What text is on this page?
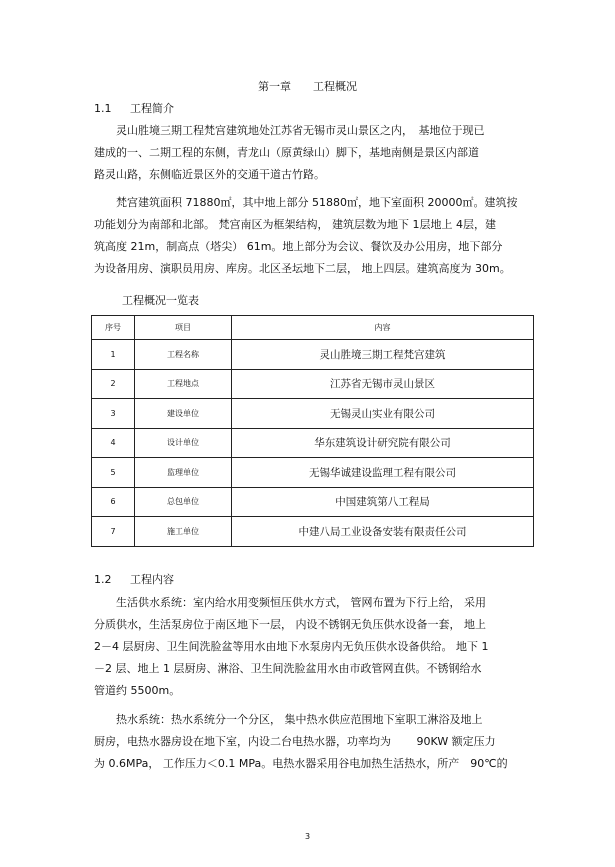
第一章　　工程概况
1.1 工程简介
　　灵山胜境三期工程梵宫建筑地处江苏省无锡市灵山景区之内，　基地位于现已
建成的一、二期工程的东侧，青龙山（原黄绿山）脚下，基地南侧是景区内部道
路灵山路，东侧临近景区外的交通干道古竹路。
　　梵宫建筑面积 71880㎡，其中地上部分 51880㎡，地下室面积 20000㎡。建筑按
功能划分为南部和北部。 梵宫南区为框架结构， 建筑层数为地下 1层地上 4层，建
筑高度 21m，制高点（塔尖） 61m。地上部分为会议、餐饮及办公用房，地下部分
为设备用房、演职员用房、库房。北区圣坛地下二层， 地上四层。建筑高度为 30m。
工程概况一览表
序号	项目	内容
1	工程名称	灵山胜境三期工程梵宫建筑
2	工程地点	江苏省无锡市灵山景区
3	建设单位	无锡灵山实业有限公司
4	设计单位	华东建筑设计研究院有限公司
5	监理单位	无锡华诚建设监理工程有限公司
6	总包单位	中国建筑第八工程局
7	施工单位	中建八局工业设备安装有限责任公司
1.2 工程内容
　　生活供水系统：室内给水用变频恒压供水方式， 管网布置为下行上给， 采用
分质供水，生活泵房位于南区地下一层， 内设不锈钢无负压供水设备一套， 地上
2－4 层厨房、卫生间洗脸盆等用水由地下水泵房内无负压供水设备供给。 地下 1
－2 层、地上 1 层厨房、淋浴、卫生间洗脸盆用水由市政管网直供。不锈钢给水
管道约 5500m。
　　热水系统：热水系统分一个分区， 集中热水供应范围地下室职工淋浴及地上
厨房，电热水器房设在地下室，内设二台电热水器，功率均为　　 90KW 额定压力
为 0.6MPa， 工作压力＜0.1 MPa。电热水器采用谷电加热生活热水，所产　90℃的
3
